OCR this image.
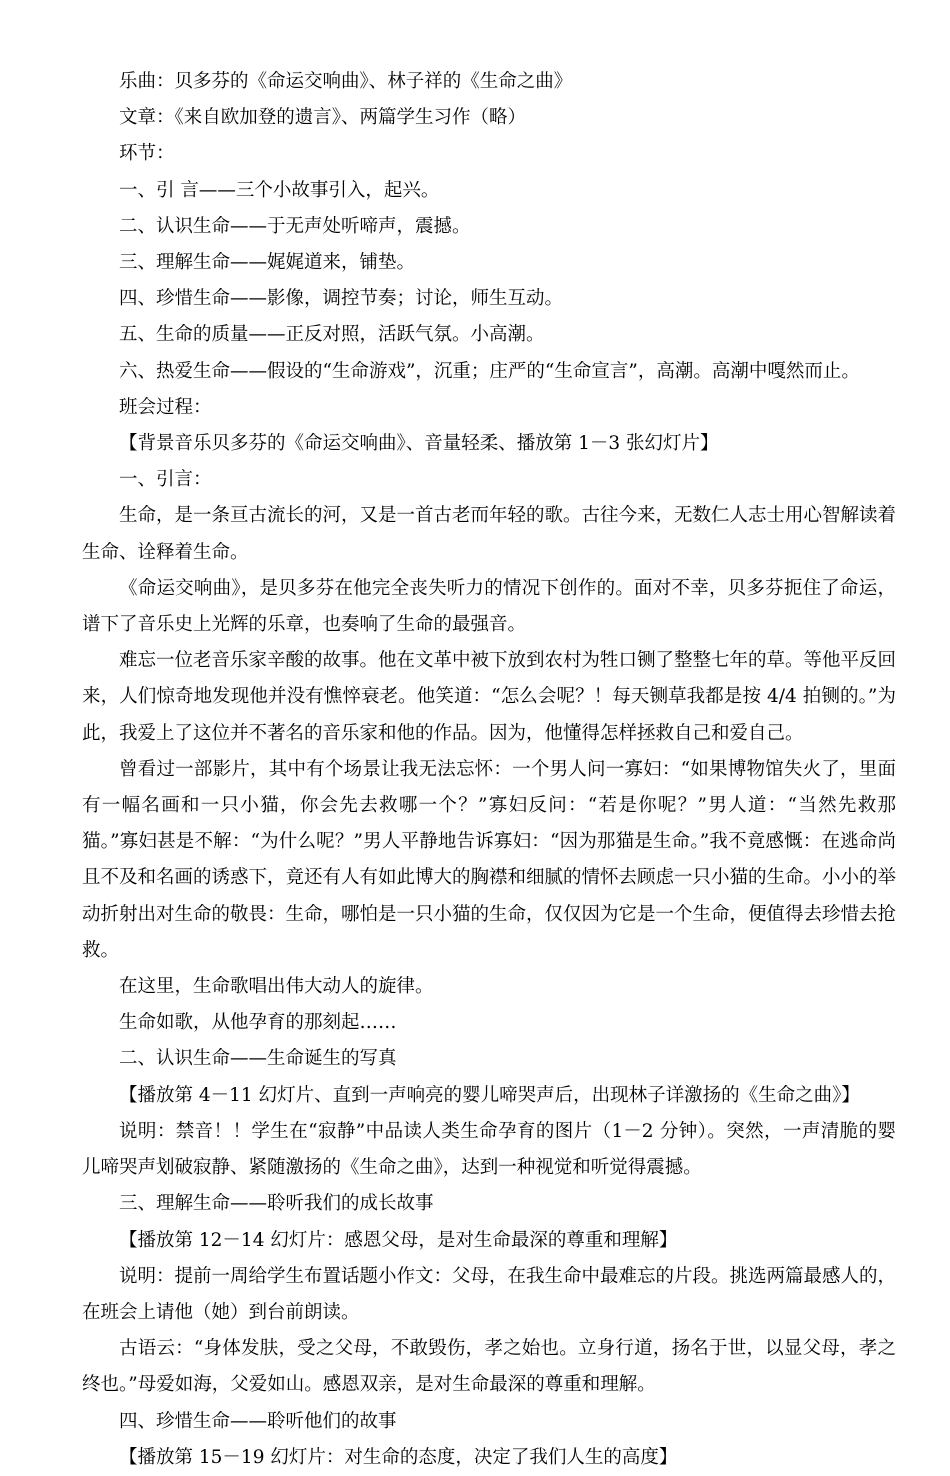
乐曲：贝多芬的《命运交响曲》、林子祥的《生命之曲》

文章：《来自欧加登的遗言》、两篇学生习作（略）

环节：

一、引 言——三个小故事引入，起兴。

二、认识生命——于无声处听啼声，震撼。

三、理解生命——娓娓道来，铺垫。

四、珍惜生命——影像，调控节奏；讨论，师生互动。

五、生命的质量——正反对照，活跃气氛。小高潮。

六、热爱生命——假设的“生命游戏”，沉重；庄严的“生命宣言”，高潮。高潮中嘎然而止。

班会过程：

【背景音乐贝多芬的《命运交响曲》、音量轻柔、播放第 1－3 张幻灯片】

一、引言：

生命，是一条亘古流长的河，又是一首古老而年轻的歌。古往今来，无数仁人志士用心智解读着生命、诠释着生命。

《命运交响曲》，是贝多芬在他完全丧失听力的情况下创作的。面对不幸，贝多芬扼住了命运，谱下了音乐史上光辉的乐章，也奏响了生命的最强音。

难忘一位老音乐家辛酸的故事。他在文革中被下放到农村为牲口铡了整整七年的草。等他平反回来，人们惊奇地发现他并没有憔悴衰老。他笑道：“怎么会呢？！每天铡草我都是按 4/4 拍铡的。”为此，我爱上了这位并不著名的音乐家和他的作品。因为，他懂得怎样拯救自己和爱自己。

曾看过一部影片，其中有个场景让我无法忘怀：一个男人问一寡妇：“如果博物馆失火了，里面有一幅名画和一只小猫，你会先去救哪一个？”寡妇反问：“若是你呢？”男人道：“当然先救那猫。”寡妇甚是不解：“为什么呢？”男人平静地告诉寡妇：“因为那猫是生命。”我不竟感慨：在逃命尚且不及和名画的诱惑下，竟还有人有如此博大的胸襟和细腻的情怀去顾虑一只小猫的生命。小小的举动折射出对生命的敬畏：生命，哪怕是一只小猫的生命，仅仅因为它是一个生命，便值得去珍惜去抢救。

在这里，生命歌唱出伟大动人的旋律。

生命如歌，从他孕育的那刻起……

二、认识生命——生命诞生的写真

【播放第 4－11 幻灯片、直到一声响亮的婴儿啼哭声后，出现林子详激扬的《生命之曲》】

说明：禁音！！学生在“寂静”中品读人类生命孕育的图片（1－2 分钟）。突然，一声清脆的婴儿啼哭声划破寂静、紧随激扬的《生命之曲》，达到一种视觉和听觉得震撼。

三、理解生命——聆听我们的成长故事

【播放第 12－14 幻灯片：感恩父母，是对生命最深的尊重和理解】

说明：提前一周给学生布置话题小作文：父母，在我生命中最难忘的片段。挑选两篇最感人的，在班会上请他（她）到台前朗读。

古语云：“身体发肤，受之父母，不敢毁伤，孝之始也。立身行道，扬名于世，以显父母，孝之终也。”母爱如海，父爱如山。感恩双亲，是对生命最深的尊重和理解。

四、珍惜生命——聆听他们的故事

【播放第 15－19 幻灯片：对生命的态度，决定了我们人生的高度】
